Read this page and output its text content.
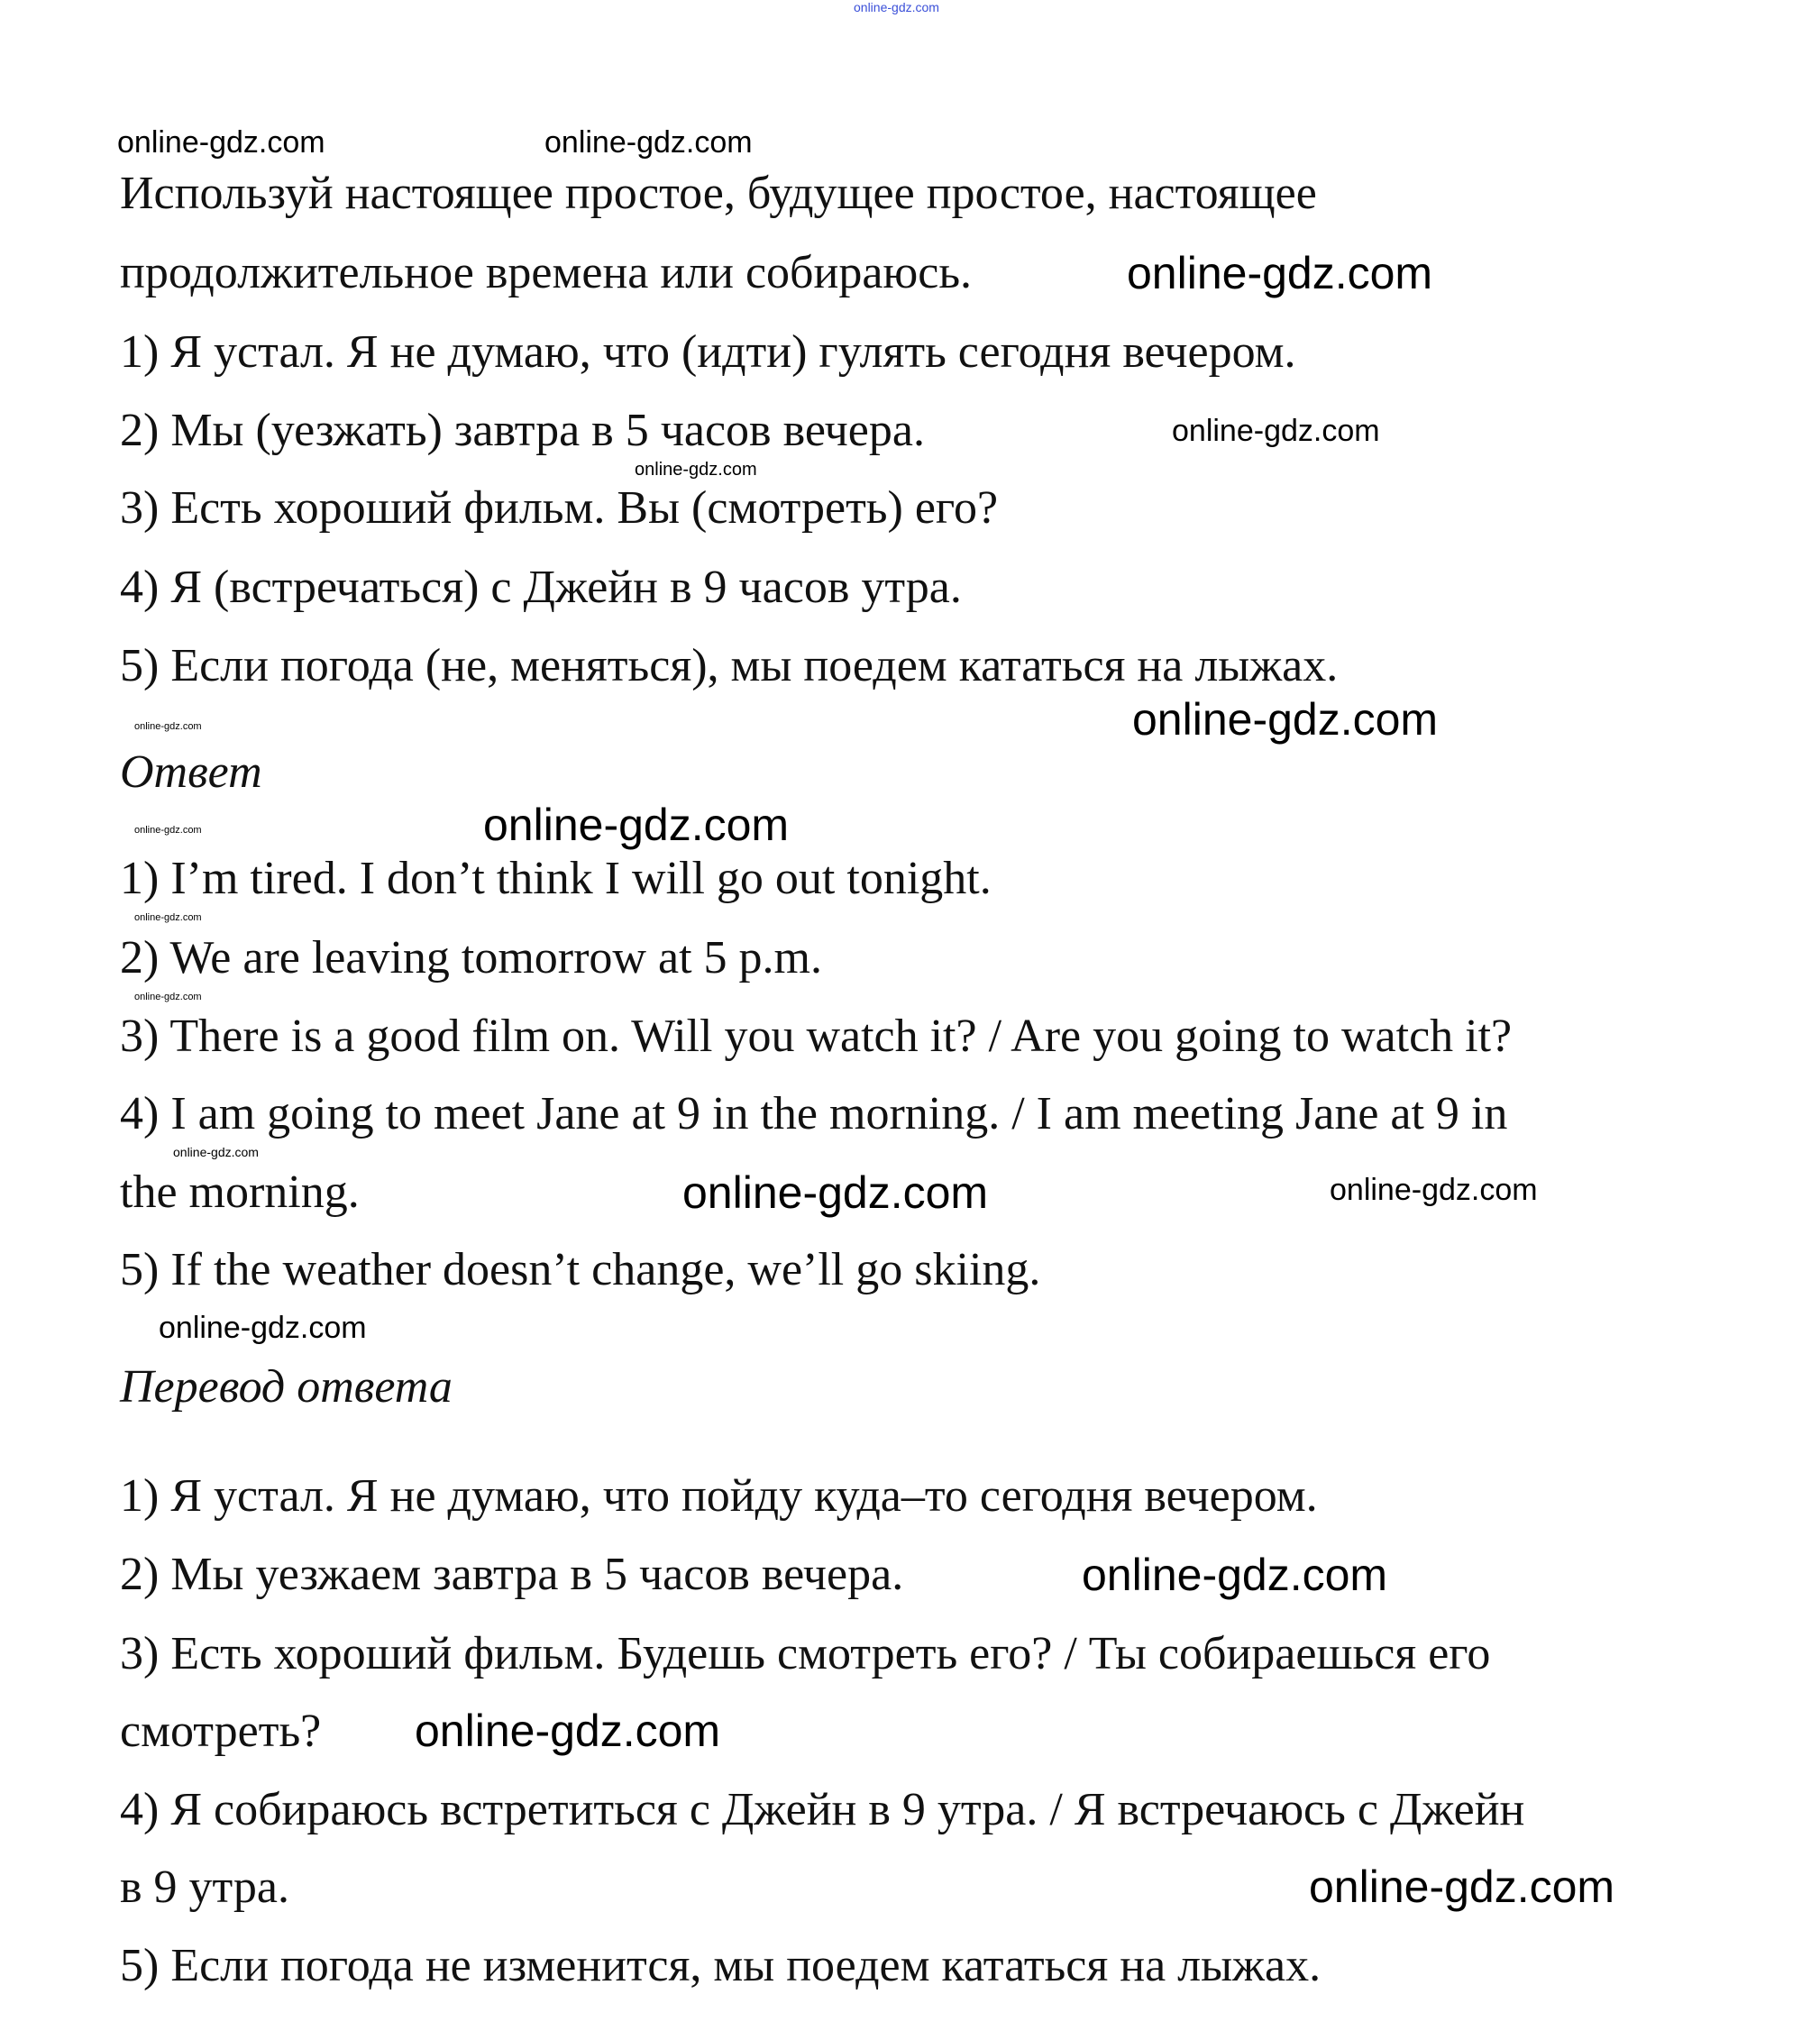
Используй настоящее простое, будущее простое, настоящее
продолжительное времена или собираюсь.
1) Я устал. Я не думаю, что (идти) гулять сегодня вечером.
2) Мы (уезжать) завтра в 5 часов вечера.
3) Есть хороший фильм. Вы (смотреть) его?
4) Я (встречаться) с Джейн в 9 часов утра.
5) Если погода (не, меняться), мы поедем кататься на лыжах.
Ответ
1) I’m tired. I don’t think I will go out tonight.
2) We are leaving tomorrow at 5 p.m.
3) There is a good film on. Will you watch it? / Are you going to watch it?
4) I am going to meet Jane at 9 in the morning. / I am meeting Jane at 9 in
the morning.
5) If the weather doesn’t change, we’ll go skiing.
Перевод ответа
1) Я устал. Я не думаю, что пойду куда–то сегодня вечером.
2) Мы уезжаем завтра в 5 часов вечера.
3) Есть хороший фильм. Будешь смотреть его? / Ты собираешься его
смотреть?
4) Я собираюсь встретиться с Джейн в 9 утра. / Я встречаюсь с Джейн
в 9 утра.
5) Если погода не изменится, мы поедем кататься на лыжах.
online-gdz.com
online-gdz.com	online-gdz.com
online-gdz.com
online-gdz.com
online-gdz.com
online-gdz.com
online-gdz.com
online-gdz.com
online-gdz.com
online-gdz.com
online-gdz.com
online-gdz.com
online-gdz.com	online-gdz.com
online-gdz.com
online-gdz.com
online-gdz.com
online-gdz.com
